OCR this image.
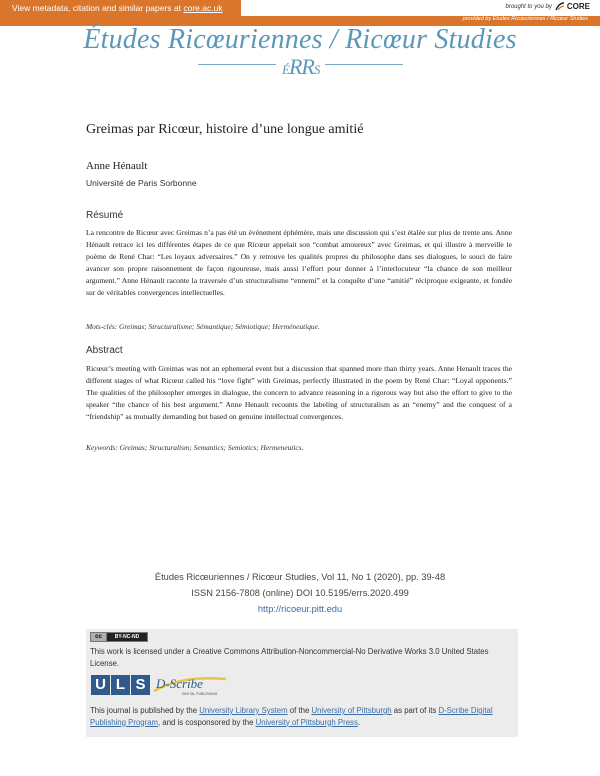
View metadata, citation and similar papers at core.ac.uk	brought to you by CORE
provided by Études Ricœuriennes / Ricœur Studies
Études Ricœuriennes / Ricœur Studies
ÉRRS
Greimas par Ricœur, histoire d’une longue amitié
Anne Hénault
Université de Paris Sorbonne
Résumé
La rencontre de Ricœur avec Greimas n’a pas été un événement éphémère, mais une discussion qui s’est étalée sur plus de trente ans. Anne Hénault retrace ici les différentes étapes de ce que Ricœur appelait son “combat amoureux” avec Greimas, et qui illustre à merveille le poème de René Char: “Les loyaux adversaires.” On y retrouve les qualités propres du philosophe dans ses dialogues, le souci de faire avancer son propre raisonnement de façon rigoureuse, mais aussi l’effort pour donner à l’interlocuteur “la chance de son meilleur argument.” Anne Hénault raconte la traversée d’un structuralisme “ennemi” et la conquête d’une “amitié” réciproque exigeante, et fondée sur de véritables convergences intellectuelles.
Mots-clés: Greimas; Structuralisme; Sémantique; Sémiotique; Herméneutique.
Abstract
Ricœur’s meeting with Greimas was not an ephemeral event but a discussion that spanned more than thirty years. Anne Henault traces the different stages of what Ricœur called his “love fight” with Greimas, perfectly illustrated in the poem by René Char: “Loyal opponents.” The qualities of the philosopher emerges in dialogue, the concern to advance reasoning in a rigorous way but also the effort to give to the speaker “the chance of his best argument.” Anne Henault recounts the labeling of structuralism as an “enemy” and the conquest of a “friendship” as mutually demanding but based on genuine intellectual convergences.
Keywords: Greimas; Structuralism; Semantics; Semiotics; Hermeneutics.
Études Ricœuriennes / Ricœur Studies, Vol 11, No 1 (2020), pp. 39-48
ISSN 2156-7808 (online) DOI 10.5195/errs.2020.499
http://ricoeur.pitt.edu
cc	BY-NC-ND
This work is licensed under a Creative Commons Attribution-Noncommercial-No Derivative Works 3.0 United States License.
U L S D-Scribe
DIGITAL PUBLISHING
This journal is published by the University Library System of the University of Pittsburgh as part of its D-Scribe Digital Publishing Program, and is cosponsored by the University of Pittsburgh Press.
